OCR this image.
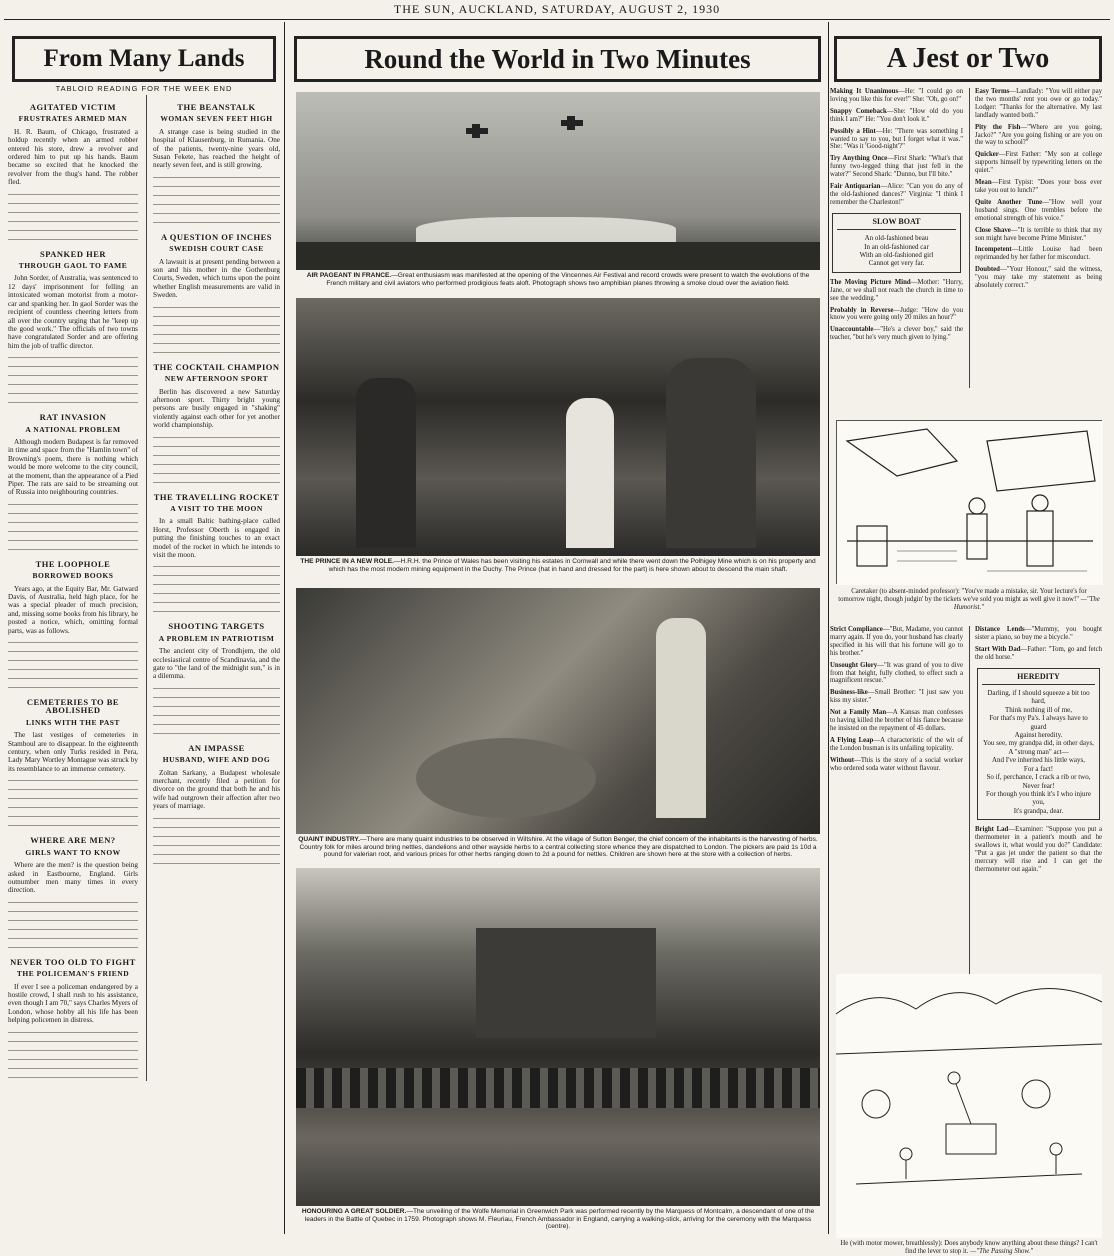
THE SUN, AUCKLAND, SATURDAY, AUGUST 2, 1930
From Many Lands
TABLOID READING FOR THE WEEK END
AGITATED VICTIM
FRUSTRATES ARMED MAN

H. R. Baum, of Chicago, frustrated a holdup recently when an armed robber entered his store, drew a revolver and ordered him to put up his hands. Baum became so excited that he knocked the revolver from the thug's hand. The robber fled.

SPANKED HER
THROUGH GAOL TO FAME

John Sorder, of Australia, was sentenced to 12 days' imprisonment for felling an intoxicated woman motorist from a motor-car and spanking her. In gaol Sorder was the recipient of countless cheering letters from all over the country urging that he "keep up the good work." The officials of two towns have congratulated Sorder and are offering him the job of traffic director.

RAT INVASION
A NATIONAL PROBLEM

Although modern Budapest is far removed in time and space from the "Hamlin town" of Browning's poem, there is nothing which would be more welcome to the city council, at the moment, than the appearance of a Pied Piper. The rats are said to be streaming out of Russia into neighbouring countries.

THE LOOPHOLE
BORROWED BOOKS

Years ago, at the Equity Bar, Mr. Gatward Davis, of Australia, held high place, for he was a special pleader of much precision, and, missing some books from his library, he posted a notice, which, omitting formal parts, was as follows.

CEMETERIES TO BE ABOLISHED
LINKS WITH THE PAST

The last vestiges of cemeteries in Stamboul are to disappear. In the eighteenth century, when only Turks resided in Pera, Lady Mary Wortley Montague was struck by its resemblance to an immense cemetery.

WHERE ARE MEN?
GIRLS WANT TO KNOW

Where are the men? is the question being asked in Eastbourne, England. Girls outnumber men many times in every direction.

NEVER TOO OLD TO FIGHT
THE POLICEMAN'S FRIEND

If ever I see a policeman endangered by a hostile crowd, I shall rush to his assistance, even though I am 70," says Charles Myers of London, whose hobby all his life has been helping policemen in distress.

THE BEANSTALK
WOMAN SEVEN FEET HIGH

A strange case is being studied in the hospital of Klausenburg, in Rumania. One of the patients, twenty-nine years old, Susan Fekete, has reached the height of nearly seven feet, and is still growing.

A QUESTION OF INCHES
SWEDISH COURT CASE

A lawsuit is at present pending between a son and his mother in the Gothenburg Courts, Sweden, which turns upon the point whether English measurements are valid in Sweden.

THE COCKTAIL CHAMPION
NEW AFTERNOON SPORT

Berlin has discovered a new Saturday afternoon sport. Thirty bright young persons are busily engaged in "shaking" violently against each other for yet another world championship.

THE TRAVELLING ROCKET
A VISIT TO THE MOON

In a small Baltic bathing-place called Horst, Professor Oberth is engaged in putting the finishing touches to an exact model of the rocket in which he intends to visit the moon.

SHOOTING TARGETS
A PROBLEM IN PATRIOTISM

The ancient city of Trondhjem, the old ecclesiastical centre of Scandinavia, and the gate to "the land of the midnight sun," is in a dilemma.

AN IMPASSE
HUSBAND, WIFE AND DOG

Zoltan Sarkany, a Budapest wholesale merchant, recently filed a petition for divorce on the ground that both he and his wife had outgrown their affection after two years of marriage.

Round the World in Two Minutes
AIR PAGEANT IN FRANCE.—Great enthusiasm was manifested at the opening of the Vincennes Air Festival and record crowds were present to watch the evolutions of the French military and civil aviators who performed prodigious feats aloft. Photograph shows two amphibian planes throwing a smoke cloud over the aviation field.
THE PRINCE IN A NEW ROLE.—H.R.H. the Prince of Wales has been visiting his estates in Cornwall and while there went down the Polhigey Mine which is on his property and which has the most modern mining equipment in the Duchy. The Prince (hat in hand and dressed for the part) is here shown about to descend the main shaft.
QUAINT INDUSTRY.—There are many quaint industries to be observed in Wiltshire. At the village of Sutton Benger, the chief concern of the inhabitants is the harvesting of herbs. Country folk for miles around bring nettles, dandelions and other wayside herbs to a central collecting store whence they are dispatched to London. The pickers are paid 1s 10d a pound for valerian root, and various prices for other herbs ranging down to 2d a pound for nettles. Children are shown here at the store with a collection of herbs.
HONOURING A GREAT SOLDIER.—The unveiling of the Wolfe Memorial in Greenwich Park was performed recently by the Marquess of Montcalm, a descendant of one of the leaders in the Battle of Quebec in 1759. Photograph shows M. Fleuriau, French Ambassador in England, carrying a walking-stick, arriving for the ceremony with the Marquess (centre).
A Jest or Two

Making It Unanimous—He: "I could go on loving you like this for ever!" She: "Oh, go on!"

Snappy Comeback—She: "How old do you think I am?" He: "You don't look it."

Possibly a Hint—He: "There was something I wanted to say to you, but I forget what it was." She: "Was it 'Good-night'?"

Try Anything Once—First Shark: "What's that funny two-legged thing that just fell in the water?" Second Shark: "Dunno, but I'll bite."

Fair Antiquarian—Alice: "Can you do any of the old-fashioned dances?" Virginia: "I think I remember the Charleston!"

SLOW BOAT
An old-fashioned beau
In an old-fashioned car
With an old-fashioned girl
Cannot get very far.

The Moving Picture Mind—Mother: "Hurry, Jane, or we shall not reach the church in time to see the wedding."

Probably in Reverse—Judge: "How do you know you were going only 20 miles an hour?"

Unaccountable—"He's a clever boy," said the teacher, "but he's very much given to lying."

Easy Terms—Landlady: "You will either pay the two months' rent you owe or go today." Lodger: "Thanks for the alternative. My last landlady wanted both."

Pity the Fish—"Where are you going, Jacko?" "Are you going fishing or are you on the way to school?"

Quicker—First Father: "My son at college supports himself by typewriting letters on the quiet."

Mean—First Typist: "Does your boss ever take you out to lunch?"

Quite Another Tune—"How well your husband sings. One trembles before the emotional strength of his voice."

Close Shave—"It is terrible to think that my son might have become Prime Minister."

Incompetent—Little Louise had been reprimanded by her father for misconduct.

Doubted—"Your Honour," said the witness, "you may take my statement as being absolutely correct."

Caretaker (to absent-minded professor): "You've made a mistake, sir. Your lecture's for tomorrow night, though judgin' by the tickets we've sold you might as well give it now!" —"The Humorist."

Strict Compliance—"But, Madame, you cannot marry again. If you do, your husband has clearly specified in his will that his fortune will go to his brother."

Unsought Glory—"It was grand of you to dive from that height, fully clothed, to effect such a magnificent rescue."

Business-like—Small Brother: "I just saw you kiss my sister."

Not a Family Man—A Kansas man confesses to having killed the brother of his fiance because he insisted on the repayment of 45 dollars.

A Flying Leap—A characteristic of the wit of the London busman is its unfailing topicality.

Without—This is the story of a social worker who ordered soda water without flavour.

Distance Lends—"Mummy, you bought sister a piano, so buy me a bicycle."

Start With Dad—Father: "Tom, go and fetch the old horse."

HEREDITY
Darling, if I should squeeze a bit too hard,
Think nothing ill of me,
For that's my Pa's. I always have to guard
Against heredity.
You see, my grandpa did, in other days,
A "strong man" act—
And I've inherited his little ways,
For a fact!
So if, perchance, I crack a rib or two,
Never fear!
For though you think it's I who injure you,
It's grandpa, dear.

Bright Lad—Examiner: "Suppose you put a thermometer in a patient's mouth and he swallows it, what would you do?" Candidate: "Put a gas jet under the patient so that the mercury will rise and I can get the thermometer out again."

He (with motor mower, breathlessly): Does anybody know anything about these things? I can't find the lever to stop it. —"The Passing Show."
